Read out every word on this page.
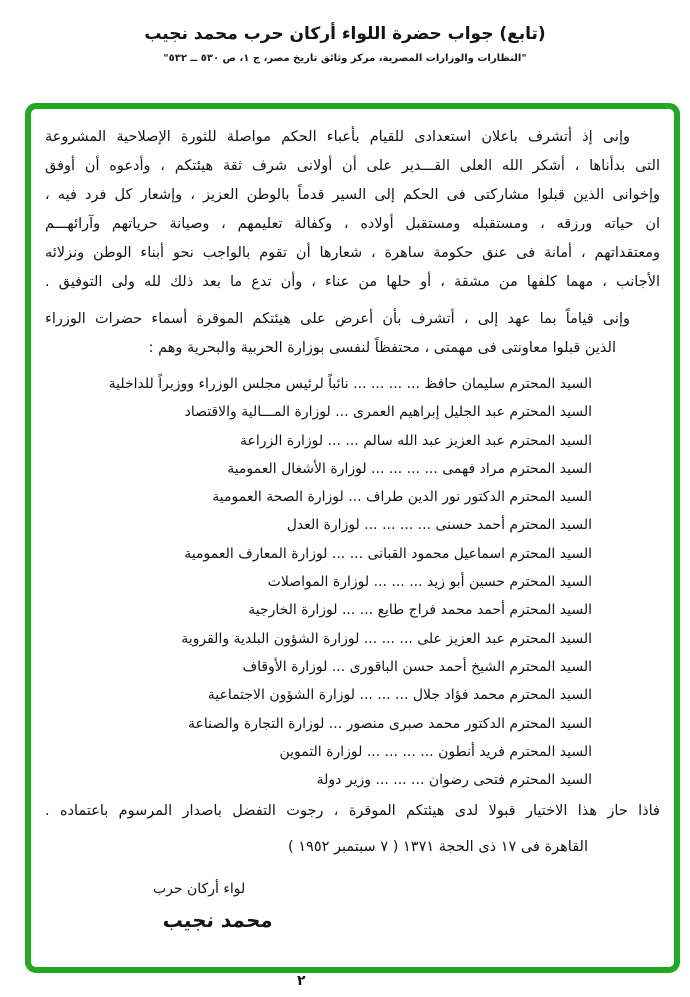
(تابع) جواب حضرة اللواء أركان حرب محمد نجيب
"النظارات والوزارات المصرية، مركز وثائق تاريخ مصر، ج ١، ص ٥٣٠ ــ ٥٣٢"
وإنى إذ أتشرف باعلان استعدادى للقيام بأعباء الحكم مواصلة للثورة الإصلاحية المشروعة
التى بدأناها ، أشكر الله العلى القـــدير على أن أولانى شرف ثقة هيئتكم ، وأدعوه أن أوفق
وإخوانى الذين قبلوا مشاركتى فى الحكم إلى السير قدماً بالوطن العزيز ، وإشعار كل فرد فيه ،
ان حياته ورزقه ، ومستقبله ومستقبل أولاده ، وكفالة تعليمهم ، وصيانة حرياتهم وآرائهـــم
ومعتقداتهم ، أمانة فى عنق حكومة ساهرة ، شعارها أن تقوم بالواجب نحو أبناء الوطن ونزلائه
الأجانب ، مهما كلفها من مشقة ، أو حلها من عناء ، وأن تدع ما بعد ذلك لله ولى التوفيق .
وإنى قياماً بما عهد إلى ، أتشرف بأن أعرض على هيئتكم الموقرة أسماء حضرات الوزراء
الذين قبلوا معاونتى فى مهمتى ، محتفظاً لنفسى بوزارة الحربية والبحرية وهم :
السيد المحترم سليمان حافظ ... ... ... ... نائباً لرئيس مجلس الوزراء ووزيراً للداخلية
السيد المحترم عبد الجليل إبراهيم العمرى ... لوزارة المـــالية والاقتصاد
السيد المحترم عبد العزيز عبد الله سالم ... ... لوزارة الزراعة
السيد المحترم مراد فهمى ... ... ... ... لوزارة الأشغال العمومية
السيد المحترم الدكتور نور الدين طراف ... لوزارة الصحة العمومية
السيد المحترم أحمد حسنى ... ... ... ... لوزارة العدل
السيد المحترم اسماعيل محمود القبانى ... ... لوزارة المعارف العمومية
السيد المحترم حسين أبو زيد ... ... ... لوزارة المواصلات
السيد المحترم أحمد محمد فراج طايع ... ... لوزارة الخارجية
السيد المحترم عبد العزيز على ... ... ... لوزارة الشؤون البلدية والقروية
السيد المحترم الشيخ أحمد حسن الباقورى ... لوزارة الأوقاف
السيد المحترم محمد فؤاد جلال ... ... ... لوزارة الشؤون الاجتماعية
السيد المحترم الدكتور محمد صبرى منصور ... لوزارة التجارة والصناعة
السيد المحترم فريد أنطون ... ... ... ... لوزارة التموين
السيد المحترم فتحى رضوان ... ... ... وزير دولة
فاذا حاز هذا الاختيار قبولا لدى هيئتكم الموقرة ، رجوت التفضل باصدار المرسوم باعتماده .
القاهرة فى ١٧ ذى الحجة ١٣٧١ ( ٧ سبتمبر ١٩٥٢ )
لواء أركان حرب
محمد نجيب
٢
